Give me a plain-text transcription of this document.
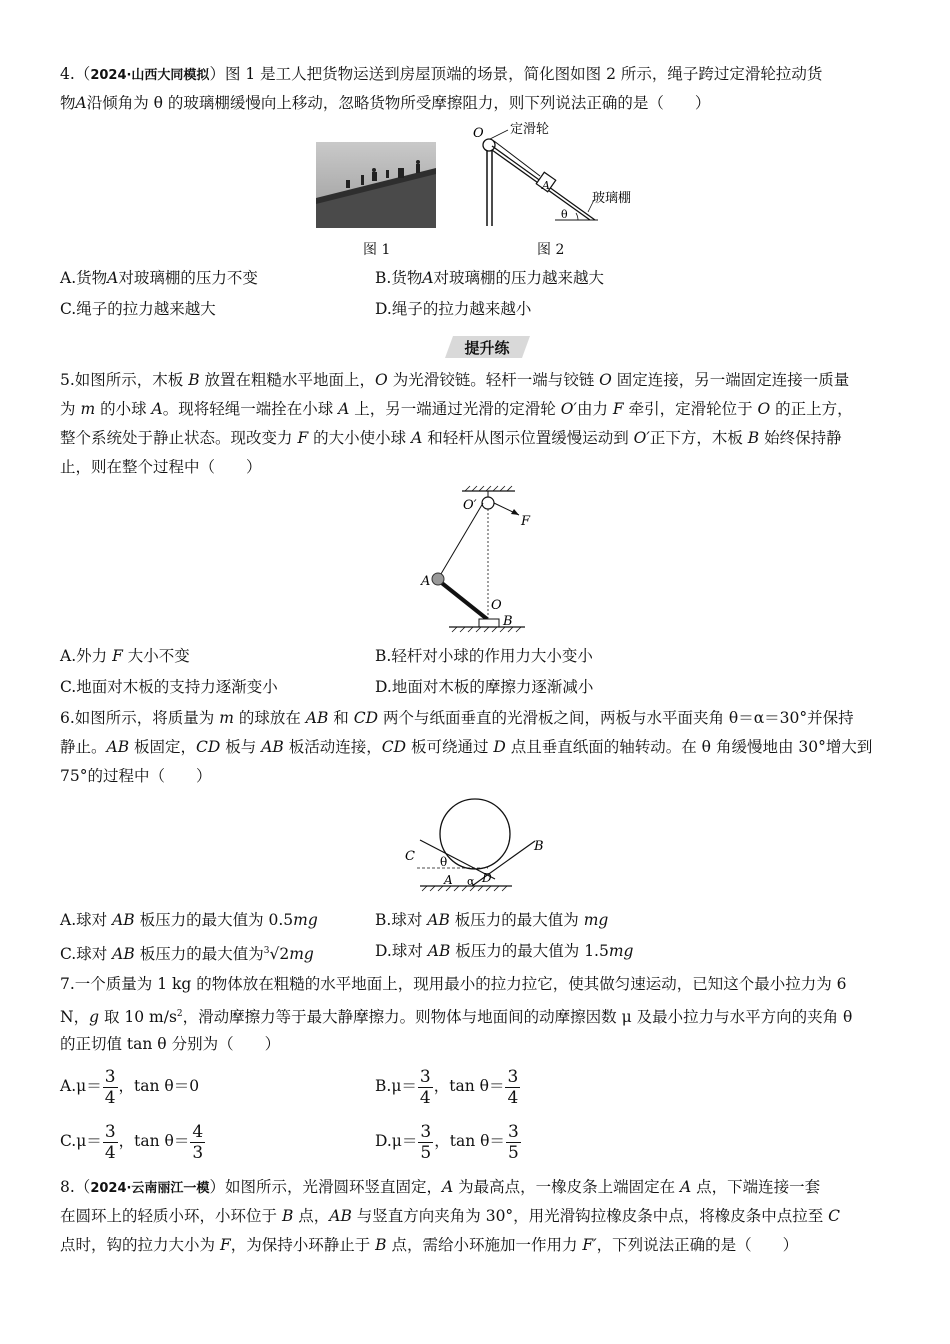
4.（2024·山西大同模拟）图 1 是工人把货物运送到房屋顶端的场景，简化图如图 2 所示，绳子跨过定滑轮拉动货
物A沿倾角为 θ 的玻璃棚缓慢向上移动，忽略货物所受摩擦阻力，则下列说法正确的是（　　）
图 1
O 定滑轮
A
玻璃棚
θ
图 2
A.货物A对玻璃棚的压力不变	B.货物A对玻璃棚的压力越来越大
C.绳子的拉力越来越大	D.绳子的拉力越来越小
提升练
5.如图所示，木板 B 放置在粗糙水平地面上，O 为光滑铰链。轻杆一端与铰链 O 固定连接，另一端固定连接一质量
为 m 的小球 A。现将轻绳一端拴在小球 A 上，另一端通过光滑的定滑轮 O′由力 F 牵引，定滑轮位于 O 的正上方，
整个系统处于静止状态。现改变力 F 的大小使小球 A 和轻杆从图示位置缓慢运动到 O′正下方，木板 B 始终保持静
止，则在整个过程中（　　）
O′
F
A
O
B
A.外力 F 大小不变	B.轻杆对小球的作用力大小变小
C.地面对木板的支持力逐渐变小	D.地面对木板的摩擦力逐渐减小
6.如图所示，将质量为 m 的球放在 AB 和 CD 两个与纸面垂直的光滑板之间，两板与水平面夹角 θ＝α＝30°并保持
静止。AB 板固定，CD 板与 AB 板活动连接，CD 板可绕通过 D 点且垂直纸面的轴转动。在 θ 角缓慢地由 30°增大到
75°的过程中（　　）
C
B
θ
A α D
A.球对 AB 板压力的最大值为 0.5mg	B.球对 AB 板压力的最大值为 mg
C.球对 AB 板压力的最大值为$^3$√2mg	D.球对 AB 板压力的最大值为 1.5mg
7.一个质量为 1 kg 的物体放在粗糙的水平地面上，现用最小的拉力拉它，使其做匀速运动，已知这个最小拉力为 6
N，g 取 10 $m/s^2$，滑动摩擦力等于最大静摩擦力。则物体与地面间的动摩擦因数 μ 及最小拉力与水平方向的夹角 θ
的正切值 tan θ 分别为（　　）
$A.\mu= \frac{3}{4}$ ，tan θ＝0	$B.\mu= \frac{3}{4}$ ，$\tan \theta= \frac{3}{4}$
$C.\mu= \frac{3}{4}$ ，$\tan \theta= \frac{4}{3}$	$D.\mu= \frac{3}{5}$ ，$\tan \theta= \frac{3}{5}$
8.（2024·云南丽江一模）如图所示，光滑圆环竖直固定，A 为最高点，一橡皮条上端固定在 A 点，下端连接一套
在圆环上的轻质小环，小环位于 B 点，AB 与竖直方向夹角为 30°，用光滑钩拉橡皮条中点，将橡皮条中点拉至 C
点时，钩的拉力大小为 F，为保持小环静止于 B 点，需给小环施加一作用力 F′，下列说法正确的是（　　）
